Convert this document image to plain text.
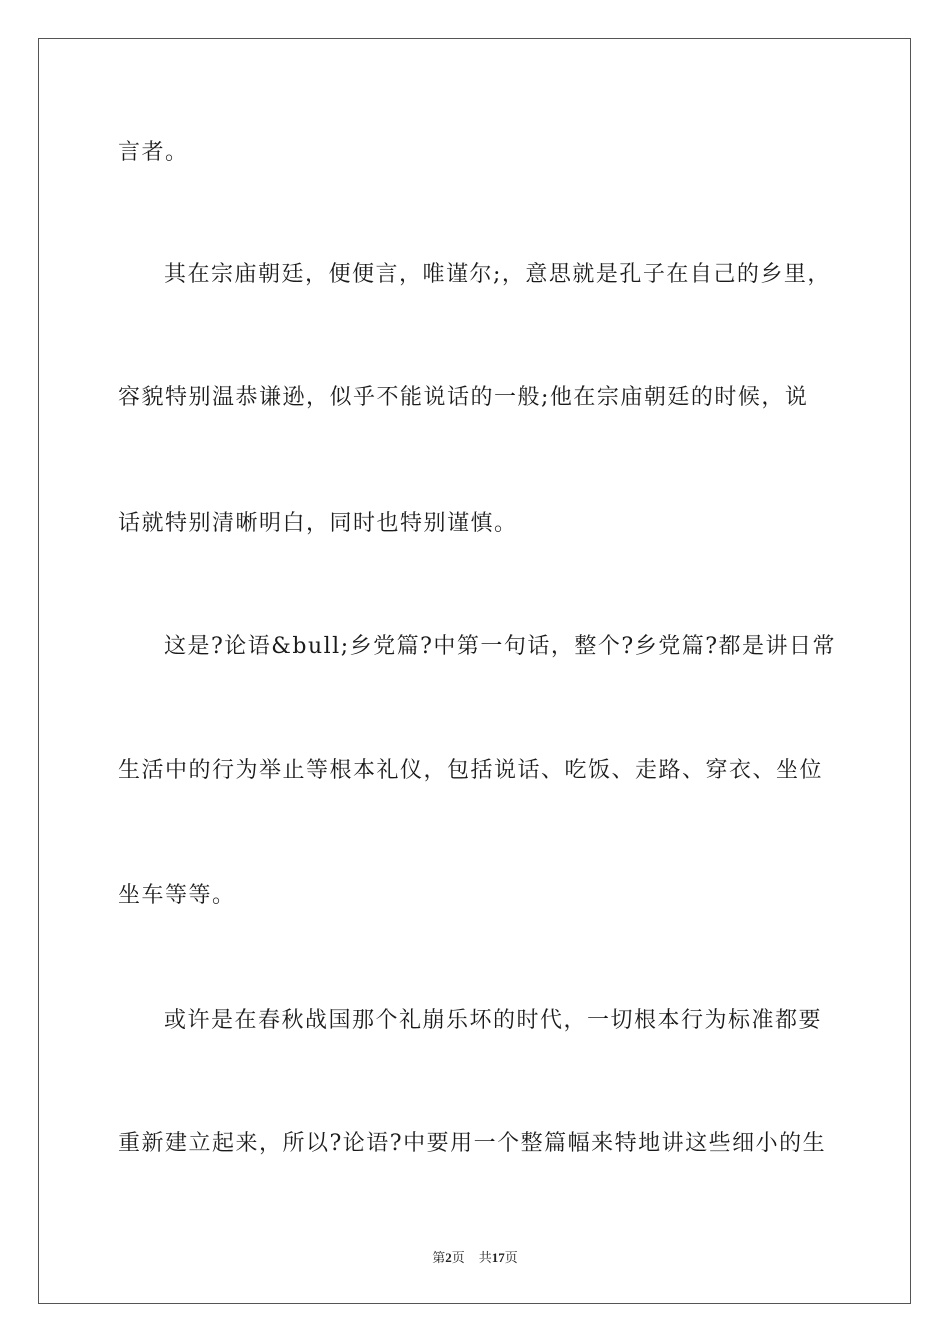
言者。

其在宗庙朝廷，便便言，唯谨尔;，意思就是孔子在自己的乡里，

容貌特别温恭谦逊，似乎不能说话的一般;他在宗庙朝廷的时候，说

话就特别清晰明白，同时也特别谨慎。

这是?论语&bull;乡党篇?中第一句话，整个?乡党篇?都是讲日常

生活中的行为举止等根本礼仪，包括说话、吃饭、走路、穿衣、坐位

坐车等等。

或许是在春秋战国那个礼崩乐坏的时代，一切根本行为标准都要

重新建立起来，所以?论语?中要用一个整篇幅来特地讲这些细小的生

第2页 共17页
